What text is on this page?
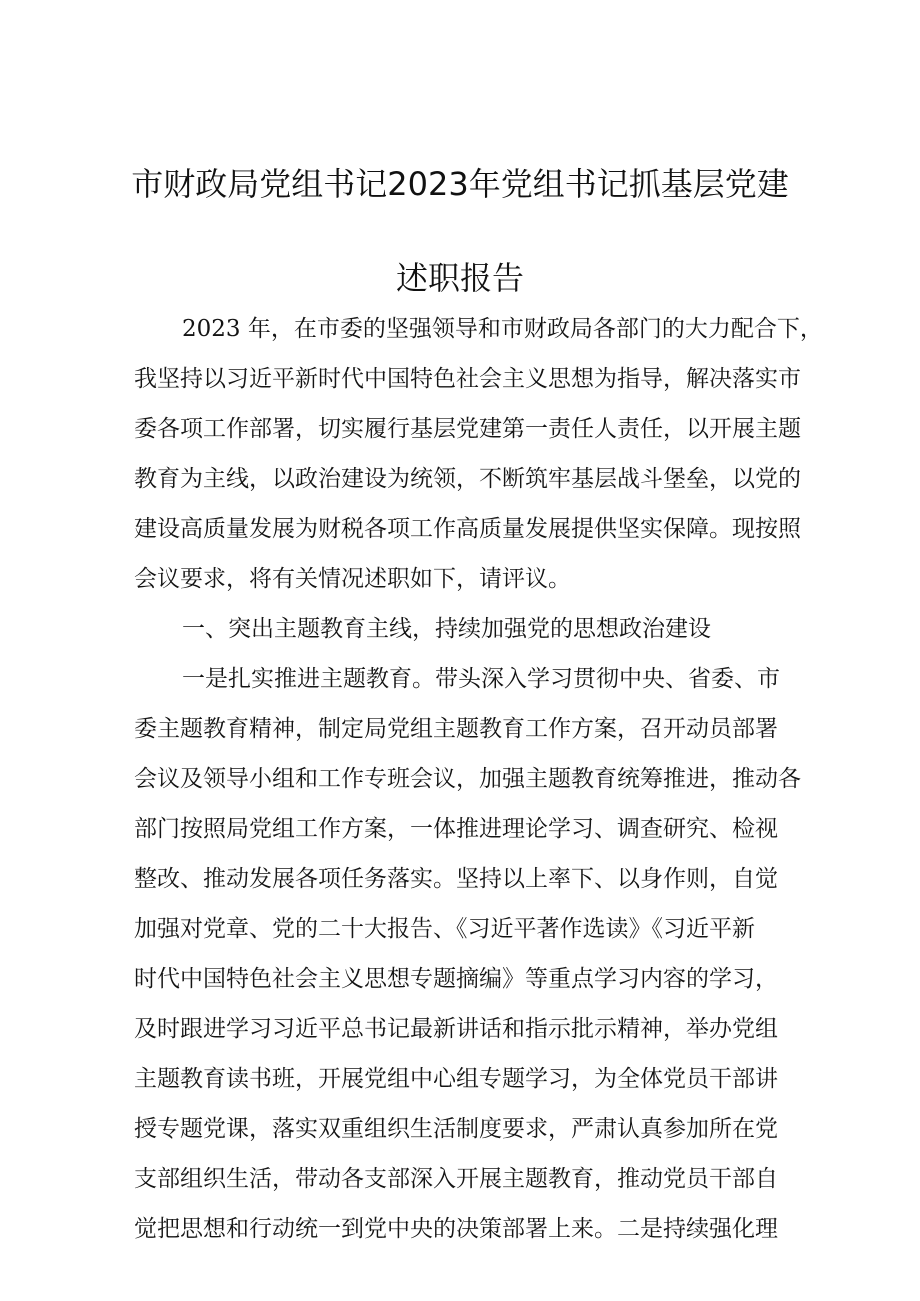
市财政局党组书记2023年党组书记抓基层党建
述职报告
2023 年，在市委的坚强领导和市财政局各部门的大力配合下，
我坚持以习近平新时代中国特色社会主义思想为指导，解决落实市
委各项工作部署，切实履行基层党建第一责任人责任，以开展主题
教育为主线，以政治建设为统领，不断筑牢基层战斗堡垒，以党的
建设高质量发展为财税各项工作高质量发展提供坚实保障。现按照
会议要求，将有关情况述职如下，请评议。
一、突出主题教育主线，持续加强党的思想政治建设
一是扎实推进主题教育。带头深入学习贯彻中央、省委、市
委主题教育精神，制定局党组主题教育工作方案，召开动员部署
会议及领导小组和工作专班会议，加强主题教育统筹推进，推动各
部门按照局党组工作方案，一体推进理论学习、调查研究、检视
整改、推动发展各项任务落实。坚持以上率下、以身作则，自觉
加强对党章、党的二十大报告、《习近平著作选读》《习近平新
时代中国特色社会主义思想专题摘编》等重点学习内容的学习，
及时跟进学习习近平总书记最新讲话和指示批示精神，举办党组
主题教育读书班，开展党组中心组专题学习，为全体党员干部讲
授专题党课，落实双重组织生活制度要求，严肃认真参加所在党
支部组织生活，带动各支部深入开展主题教育，推动党员干部自
觉把思想和行动统一到党中央的决策部署上来。二是持续强化理
